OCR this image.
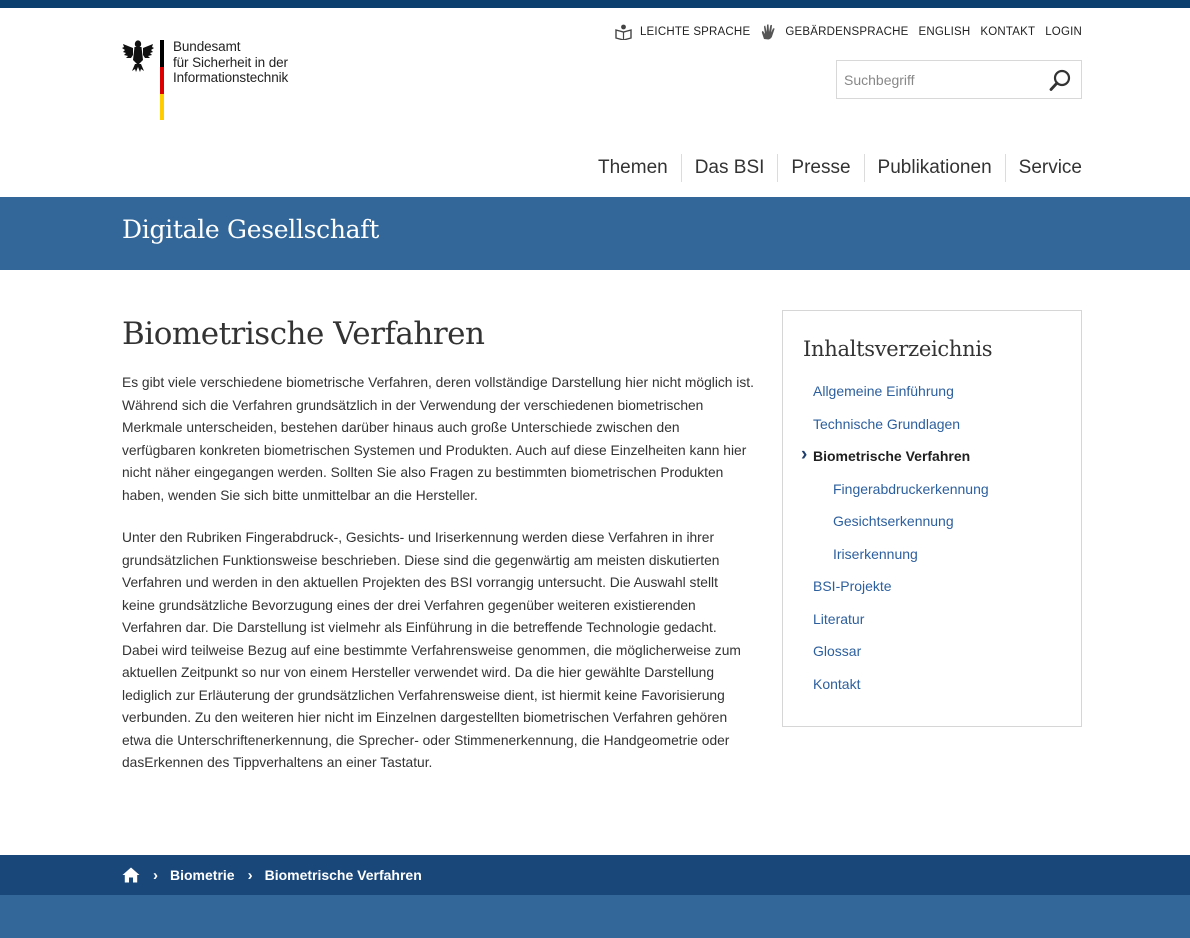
Bundesamt
für Sicherheit in der
Informationstechnik
LEICHTE SPRACHE	GEBÄRDENSPRACHE ENGLISH KONTAKT LOGIN
Suchbegriff
Themen	Das BSI	Presse	Publikationen	Service
Digitale Gesellschaft
Biometrische Verfahren

Es gibt viele verschiedene biometrische Verfahren, deren vollständige Darstellung hier nicht möglich ist. Während sich die Verfahren grundsätzlich in der Verwendung der verschiedenen biometrischen Merkmale unterscheiden, bestehen darüber hinaus auch große Unterschiede zwischen den verfügbaren konkreten biometrischen Systemen und Produkten. Auch auf diese Einzelheiten kann hier nicht näher eingegangen werden. Sollten Sie also Fragen zu bestimmten biometrischen Produkten haben, wenden Sie sich bitte unmittelbar an die Hersteller.

Unter den Rubriken Fingerabdruck-, Gesichts- und Iriserkennung werden diese Verfahren in ihrer grundsätzlichen Funktionsweise beschrieben. Diese sind die gegenwärtig am meisten diskutierten Verfahren und werden in den aktuellen Projekten des BSI vorrangig untersucht. Die Auswahl stellt keine grundsätzliche Bevorzugung eines der drei Verfahren gegenüber weiteren existierenden Verfahren dar. Die Darstellung ist vielmehr als Einführung in die betreffende Technologie gedacht. Dabei wird teilweise Bezug auf eine bestimmte Verfahrensweise genommen, die möglicherweise zum aktuellen Zeitpunkt so nur von einem Hersteller verwendet wird. Da die hier gewählte Darstellung lediglich zur Erläuterung der grundsätzlichen Verfahrensweise dient, ist hiermit keine Favorisierung verbunden. Zu den weiteren hier nicht im Einzelnen dargestellten biometrischen Verfahren gehören etwa die Unterschriftenerkennung, die Sprecher- oder Stimmenerkennung, die Handgeometrie oder dasErkennen des Tippverhaltens an einer Tastatur.

Inhaltsverzeichnis
Allgemeine Einführung
Technische Grundlagen
› Biometrische Verfahren
Fingerabdruckerkennung
Gesichtserkennung
Iriserkennung
BSI-Projekte
Literatur
Glossar
Kontakt
› Biometrie › Biometrische Verfahren
